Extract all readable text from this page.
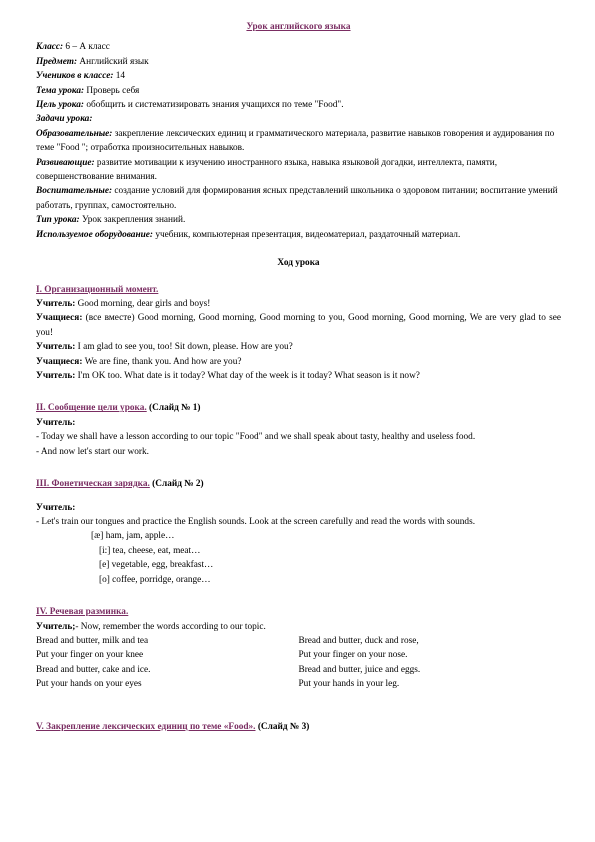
Урок английского языка

Класс: 6 – А класс

Предмет: Английский язык

Учеников в классе: 14

Тема урока: Проверь себя

Цель урока: обобщить и систематизировать знания учащихся по теме "Food".

Задачи урока:

Образовательные: закрепление лексических единиц и грамматического материала, развитие навыков говорения и аудирования по теме "Food "; отработка произносительных навыков.

Развивающие: развитие мотивации к изучению иностранного языка, навыка языковой догадки, интеллекта, памяти, совершенствование внимания.

Воспитательные: создание условий для формирования ясных представлений школьника о здоровом питании; воспитание умений работать, группах, самостоятельно.

Тип урока: Урок закрепления знаний.

Используемое оборудование: учебник, компьютерная презентация, видеоматериал, раздаточный материал.

Ход урока
I. Организационный момент.

Учитель: Good morning, dear girls and boys!

Учащиеся: (все вместе) Good morning, Good morning, Good morning to you, Good morning, Good morning, We are very glad to see you!

Учитель: I am glad to see you, too! Sit down, please. How are you?

Учащиеся: We are fine, thank you. And how are you?

Учитель: I'm OK too. What date is it today? What day of the week is it today? What season is it now?

II. Сообщение цели урока. (Слайд № 1)

Учитель:

- Today we shall have a lesson according to our topic "Food" and we shall speak about tasty, healthy and useless food.

- And now let's start our work.

III. Фонетическая зарядка. (Слайд № 2)

Учитель:

- Let's train our tongues and practice the English sounds. Look at the screen carefully and read the words with sounds.

[æ] ham, jam, apple…
[i:] tea, cheese, eat, meat…
[e] vegetable, egg, breakfast…
[o] coffee, porridge, orange…
IV. Речевая разминка.

Учитель;- Now, remember the words according to our topic.

Bread and butter, milk and tea
Put your finger on your knee
Bread and butter, cake and ice.
Put your hands on your eyes
Bread and butter, duck and rose,
Put your finger on your nose.
Bread and butter, juice and eggs.
Put your hands in your leg.
V. Закрепление лексических единиц по теме «Food». (Слайд № 3)
